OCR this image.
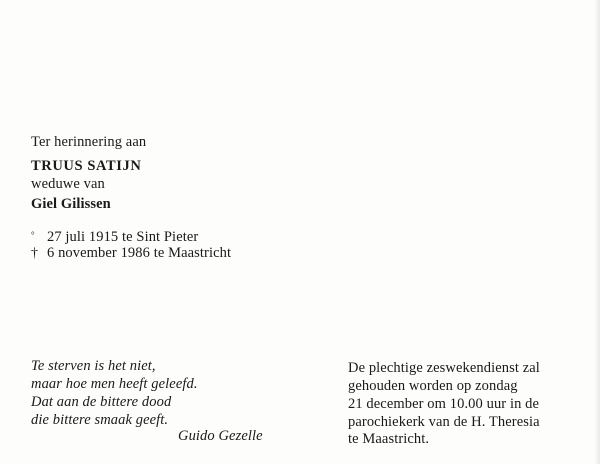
Ter herinnering aan
TRUUS SATIJN
weduwe van
Giel Gilissen
° 27 juli 1915 te Sint Pieter
† 6 november 1986 te Maastricht
Te sterven is het niet,
maar hoe men heeft geleefd.
Dat aan de bittere dood
die bittere smaak geeft.
Guido Gezelle
De plechtige zeswekendienst zal
gehouden worden op zondag
21 december om 10.00 uur in de
parochiekerk van de H. Theresia
te Maastricht.
